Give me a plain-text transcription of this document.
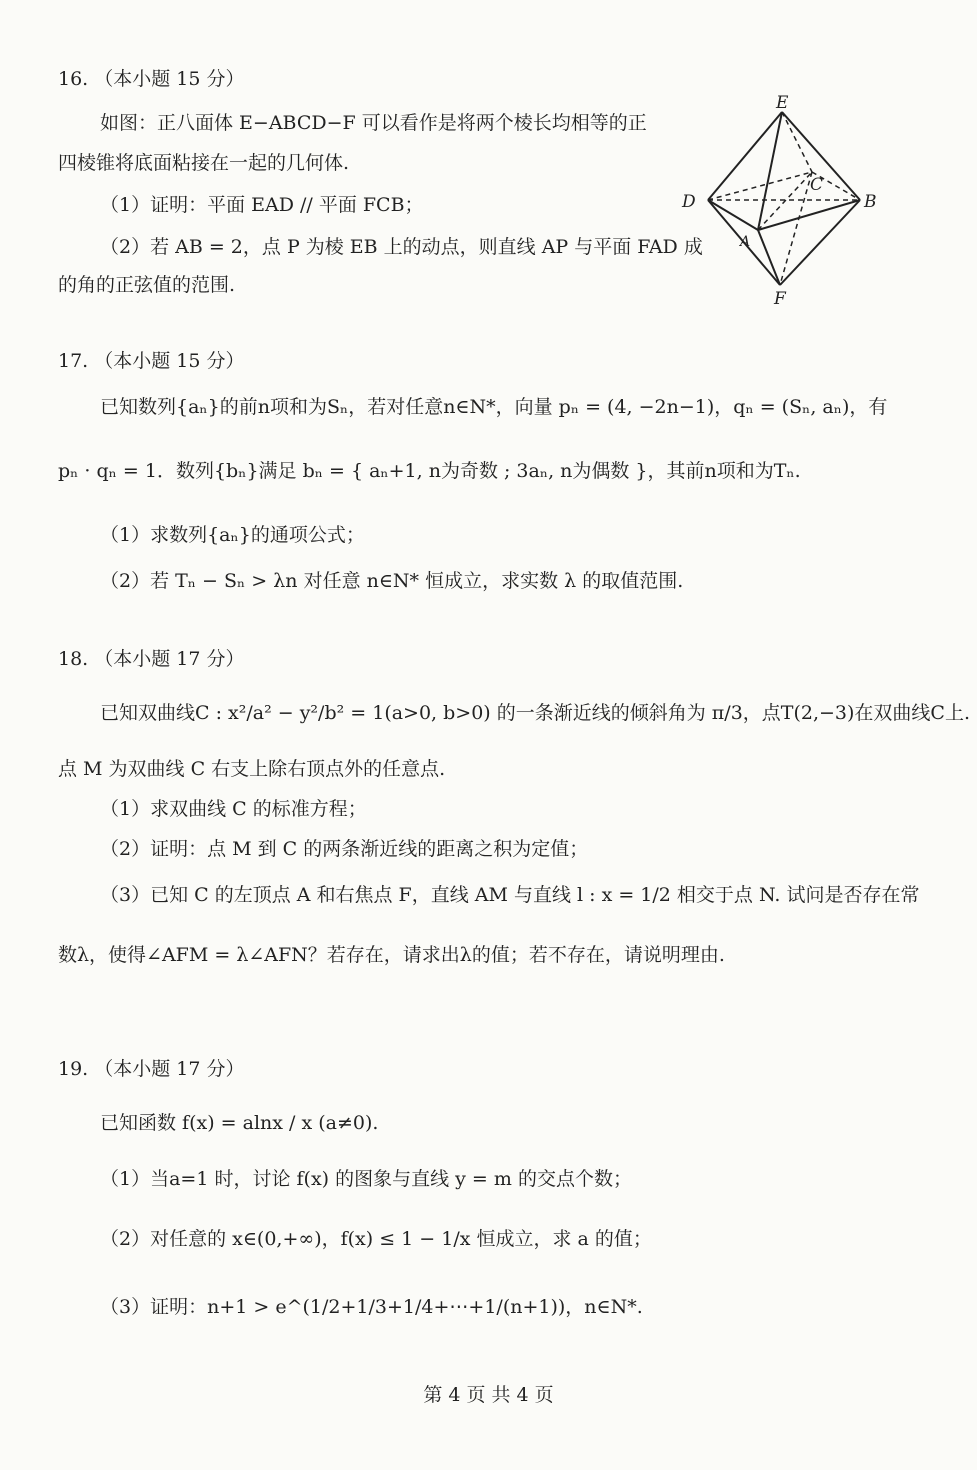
16. （本小题 15 分）
如图：正八面体 E−ABCD−F 可以看作是将两个棱长均相等的正
四棱锥将底面粘接在一起的几何体.
（1）证明：平面 EAD // 平面 FCB；
（2）若 AB = 2，点 P 为棱 EB 上的动点，则直线 AP 与平面 FAD 成
的角的正弦值的范围.
E
D
C
B
A
F
17. （本小题 15 分）
已知数列{aₙ}的前n项和为Sₙ，若对任意n∈N*，向量 pₙ = (4, −2n−1)，qₙ = (Sₙ, aₙ)，有
pₙ · qₙ = 1．数列{bₙ}满足 bₙ = { aₙ+1, n为奇数 ; 3aₙ, n为偶数 }，其前n项和为Tₙ.
（1）求数列{aₙ}的通项公式；
（2）若 Tₙ − Sₙ > λn 对任意 n∈N* 恒成立，求实数 λ 的取值范围.
18. （本小题 17 分）
已知双曲线C : x²/a² − y²/b² = 1(a>0, b>0) 的一条渐近线的倾斜角为 π/3，点T(2,−3)在双曲线C上.
点 M 为双曲线 C 右支上除右顶点外的任意点.
（1）求双曲线 C 的标准方程；
（2）证明：点 M 到 C 的两条渐近线的距离之积为定值；
（3）已知 C 的左顶点 A 和右焦点 F，直线 AM 与直线 l : x = 1/2 相交于点 N. 试问是否存在常
数λ，使得∠AFM = λ∠AFN？若存在，请求出λ的值；若不存在，请说明理由.
19. （本小题 17 分）
已知函数 f(x) = alnx / x (a≠0).
（1）当a=1 时，讨论 f(x) 的图象与直线 y = m 的交点个数；
（2）对任意的 x∈(0,+∞)，f(x) ≤ 1 − 1/x 恒成立，求 a 的值；
（3）证明：n+1 > e^(1/2+1/3+1/4+⋯+1/(n+1))，n∈N*.
第 4 页 共 4 页
